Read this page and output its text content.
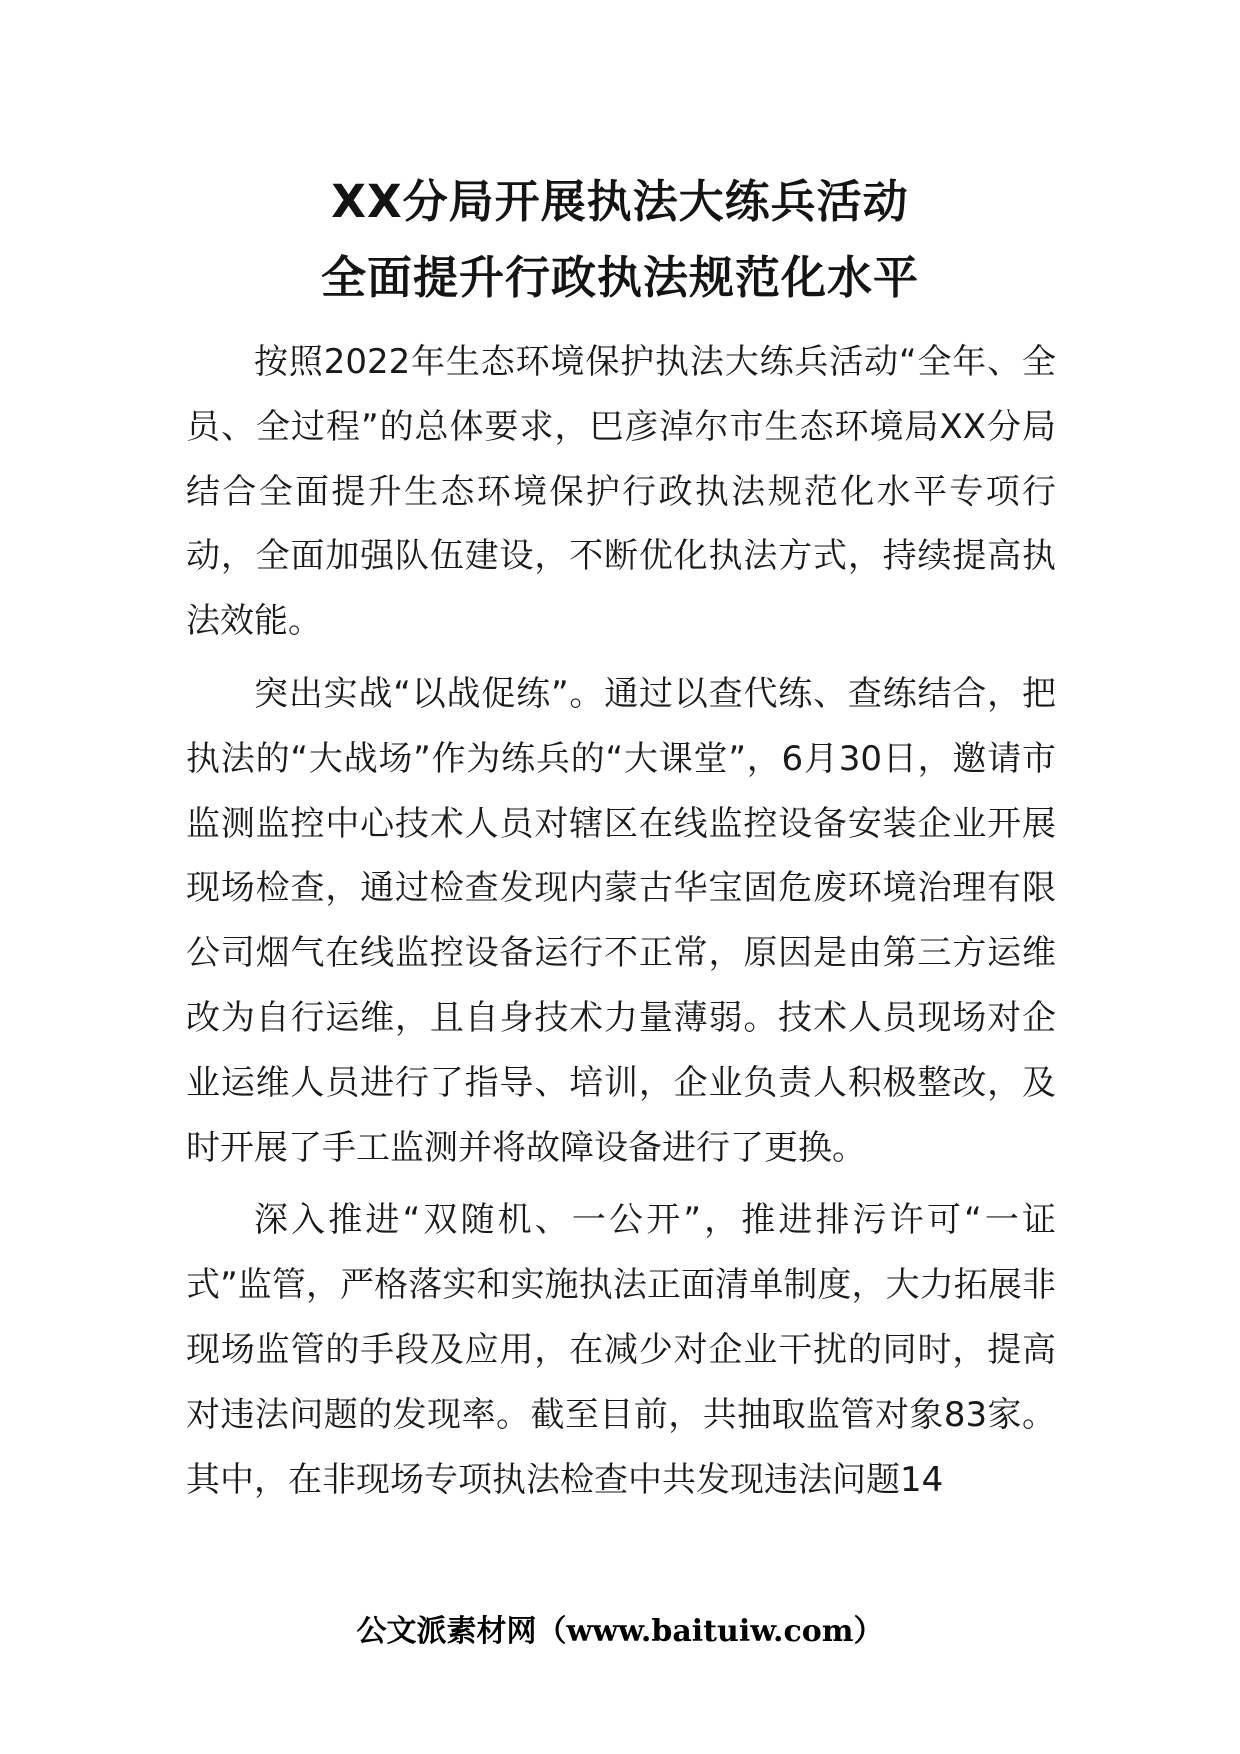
XX分局开展执法大练兵活动
全面提升行政执法规范化水平

按照2022年生态环境保护执法大练兵活动“全年、全员、全过程”的总体要求，巴彦淖尔市生态环境局XX分局结合全面提升生态环境保护行政执法规范化水平专项行动，全面加强队伍建设，不断优化执法方式，持续提高执法效能。

突出实战“以战促练”。通过以查代练、查练结合，把执法的“大战场”作为练兵的“大课堂”，6月30日，邀请市监测监控中心技术人员对辖区在线监控设备安装企业开展现场检查，通过检查发现内蒙古华宝固危废环境治理有限公司烟气在线监控设备运行不正常，原因是由第三方运维改为自行运维，且自身技术力量薄弱。技术人员现场对企业运维人员进行了指导、培训，企业负责人积极整改，及时开展了手工监测并将故障设备进行了更换。

深入推进“双随机、一公开”，推进排污许可“一证式”监管，严格落实和实施执法正面清单制度，大力拓展非现场监管的手段及应用，在减少对企业干扰的同时，提高对违法问题的发现率。截至目前，共抽取监管对象83家。其中，在非现场专项执法检查中共发现违法问题14

公文派素材网（www.baituiw.com）
